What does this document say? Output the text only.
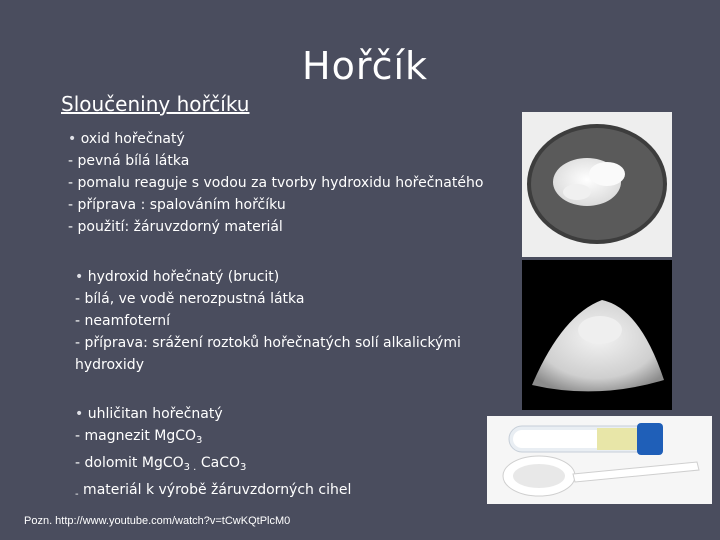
Hořčík
Sloučeniny hořčíku
• oxid hořečnatý
- pevná bílá látka
- pomalu reaguje s vodou za tvorby hydroxidu hořečnatého
- příprava : spalováním hořčíku
- použití: žáruvzdorný materiál
• hydroxid hořečnatý (brucit)
- bílá, ve vodě nerozpustná látka
- neamfoterní
- příprava: srážení roztoků hořečnatých solí alkalickými hydroxidy
• uhličitan hořečnatý
- magnezit MgCO$_3$
- dolomit MgCO$_{3 .}$ CaCO$_3$
$_-$ materiál k výrobě žáruvzdorných cihel
Pozn. http://www.youtube.com/watch?v=tCwKQtPlcM0
